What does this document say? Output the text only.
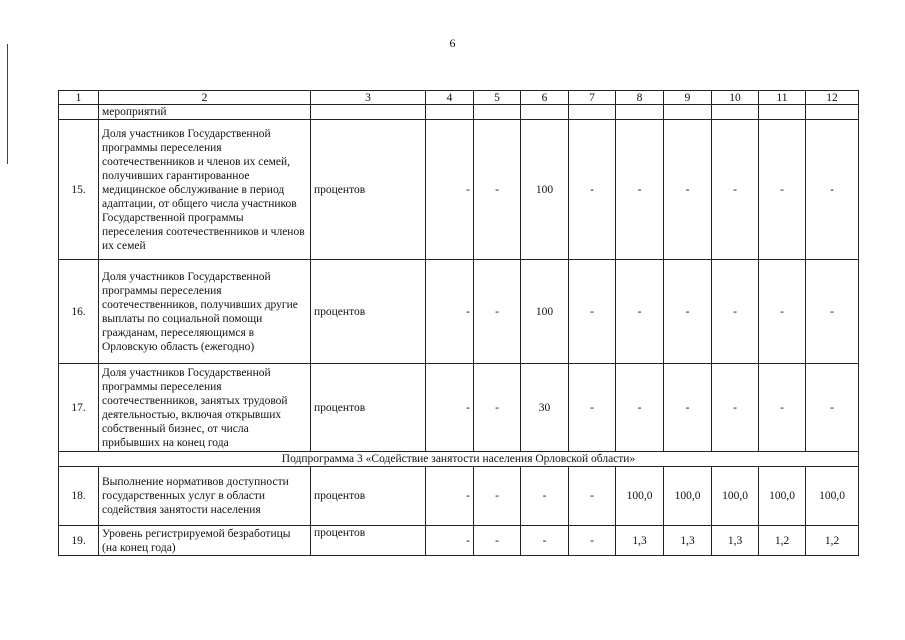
6
1	2	3	4	5	6	7	8	9	10	11	12
	мероприятий										
15.	Доля участников Государственной программы переселения соотечественников и членов их семей, получивших гарантированное медицинское обслуживание в период адаптации, от общего числа участников Государственной программы переселения соотечественников и членов их семей	процентов	-	-	100	-	-	-	-	-	-
16.	Доля участников Государственной программы переселения соотечественников, получивших другие выплаты по социальной помощи гражданам, переселяющимся в Орловскую область (ежегодно)	процентов	-	-	100	-	-	-	-	-	-
17.	Доля участников Государственной программы переселения соотечественников, занятых трудовой деятельностью, включая открывших собственный бизнес, от числа прибывших на конец года	процентов	-	-	30	-	-	-	-	-	-
Подпрограмма 3 «Содействие занятости населения Орловской области»											
18.	Выполнение нормативов доступности государственных услуг в области содействия занятости населения	процентов	-	-	-	-	100,0	100,0	100,0	100,0	100,0
19.	Уровень регистрируемой безработицы (на конец года)	процентов	-	-	-	-	1,3	1,3	1,3	1,2	1,2
